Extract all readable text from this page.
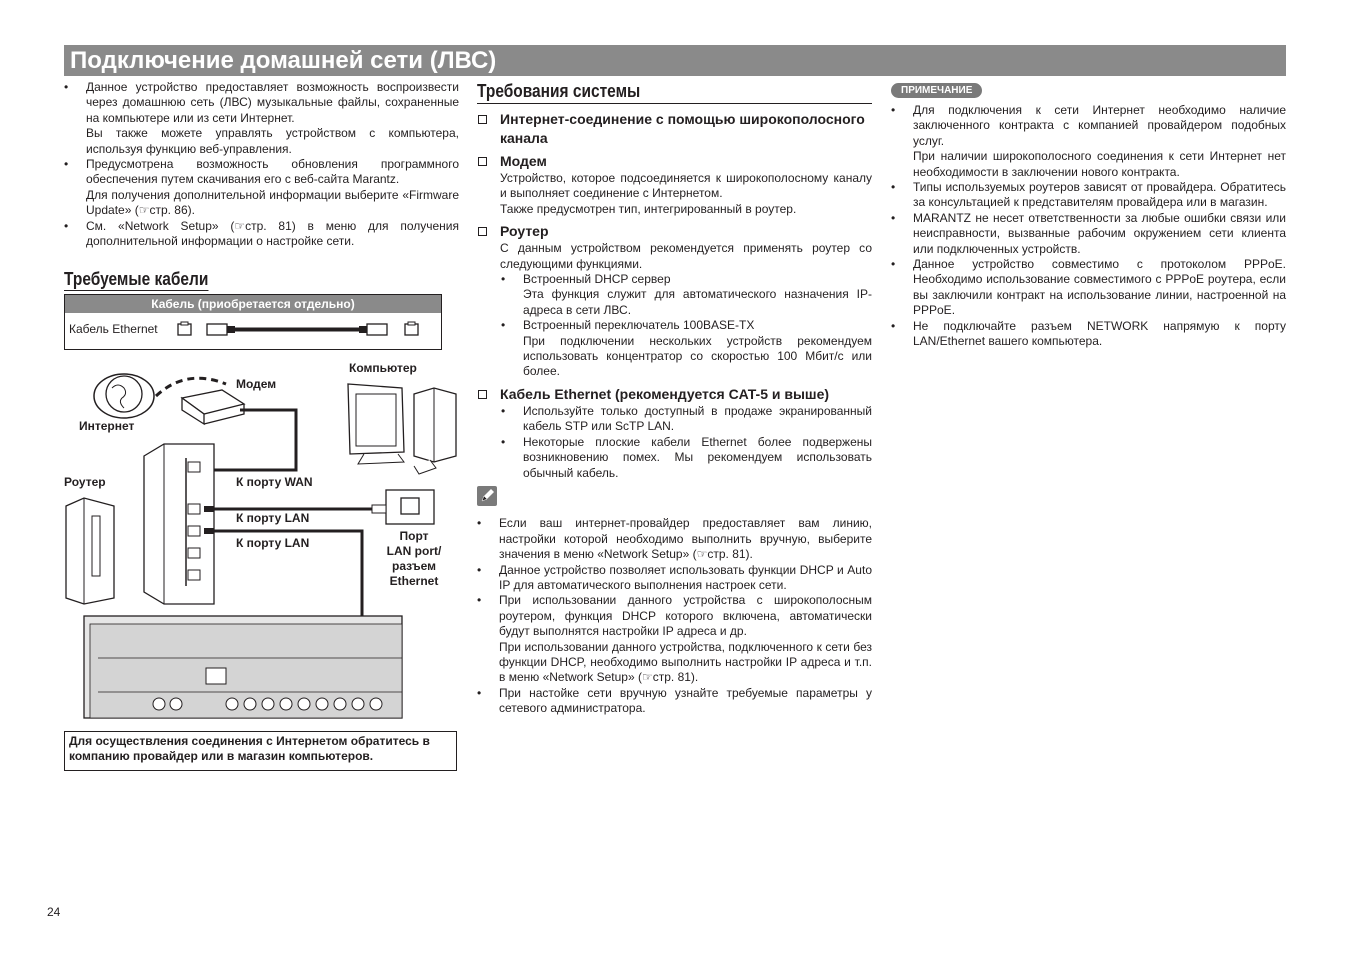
Подключение домашней сети (ЛВС)
• Данное устройство предоставляет возможность воспроизвести через домашнюю сеть (ЛВС) музыкальные файлы, сохраненные на компьютере или из сети Интернет.
Вы также можете управлять устройством с компьютера, используя функцию веб-управления.
• Предусмотрена возможность обновления программного обеспечения путем скачивания его с веб-сайта Marantz.
Для получения дополнительной информации выберите «Firmware Update» (☞стр. 86).
• См. «Network Setup» (☞стр. 81) в меню для получения дополнительной информации о настройке сети.
Требуемые кабели
Кабель (приобретается отдельно)
Кабель Ethernet
Модем
Интернет
Компьютер
Роутер	К порту WAN
К порту LAN
К порту LAN	Порт
LAN port/
разъем
Ethernet
Для осуществления соединения с Интернетом обратитесь в компанию провайдер или в магазин компьютеров.
Требования системы
Интернет-соединение с помощью широкополосного канала
Модем
Устройство, которое подсоединяется к широкополосному каналу и выполняет соединение с Интернетом.
Также предусмотрен тип, интегрированный в роутер.
Роутер
С данным устройством рекомендуется применять роутер со следующими функциями.
• Встроенный DHCP сервер
Эта функция служит для автоматического назначения IP-адреса в сети ЛВС.
• Встроенный переключатель 100BASE-TX
При подключении нескольких устройств рекомендуем использовать концентратор со скоростью 100 Мбит/с или более.
Кабель Ethernet (рекомендуется CAT-5 и выше)
• Используйте только доступный в продаже экранированный кабель STP или ScTP LAN.
• Некоторые плоские кабели Ethernet более подвержены возникновению помех. Мы рекомендуем использовать обычный кабель.
• Если ваш интернет-провайдер предоставляет вам линию, настройки которой необходимо выполнить вручную, выберите значения в меню «Network Setup» (☞стр. 81).
• Данное устройство позволяет использовать функции DHCP и Auto IP для автоматического выполнения настроек сети.
• При использовании данного устройства с широкополосным роутером, функция DHCP которого включена, автоматически будут выполнятся настройки IP адреса и др.
При использовании данного устройства, подключенного к сети без функции DHCP, необходимо выполнить настройки IP адреса и т.п. в меню «Network Setup» (☞стр. 81).
• При настойке сети вручную узнайте требуемые параметры у сетевого администратора.
ПРИМЕЧАНИЕ
• Для подключения к сети Интернет необходимо наличие заключенного контракта с компанией провайдером подобных услуг.
При наличии широкополосного соединения к сети Интернет нет необходимости в заключении нового контракта.
• Типы используемых роутеров зависят от провайдера. Обратитесь за консультацией к представителям провайдера или в магазин.
• MARANTZ не несет ответственности за любые ошибки связи или неисправности, вызванные рабочим окружением сети клиента или подключенных устройств.
• Данное устройство совместимо с протоколом PPPoE. Необходимо использование совместимого с PPPoE роутера, если вы заключили контракт на использование линии, настроенной на PPPoE.
• Не подключайте разъем NETWORK напрямую к порту LAN/Ethernet вашего компьютера.
24
